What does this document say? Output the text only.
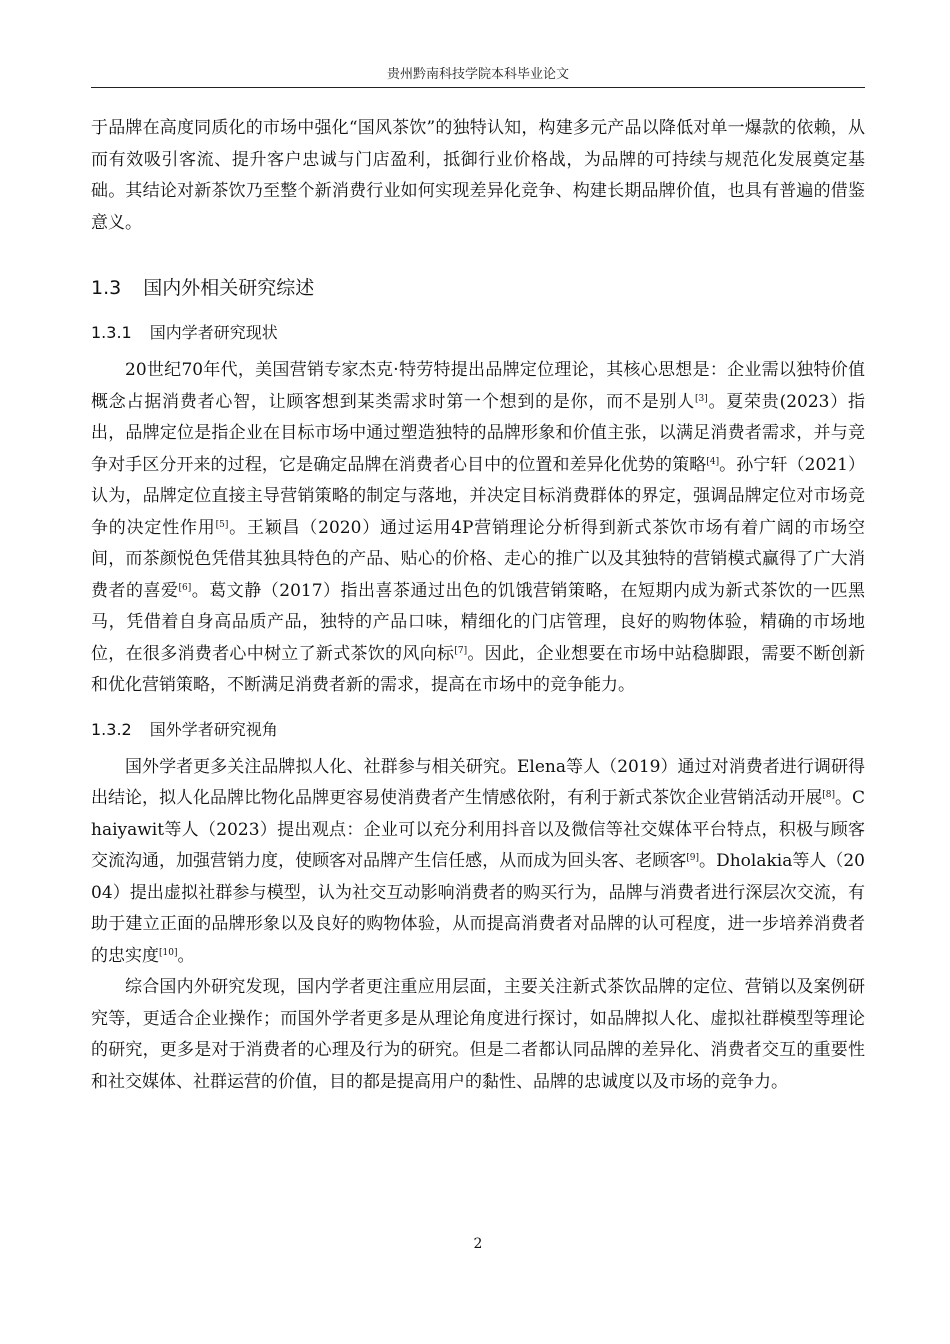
贵州黔南科技学院本科毕业论文

于品牌在高度同质化的市场中强化“国风茶饮”的独特认知，构建多元产品以降低对单一爆款的依赖，从而有效吸引客流、提升客户忠诚与门店盈利，抵御行业价格战，为品牌的可持续与规范化发展奠定基础。其结论对新茶饮乃至整个新消费行业如何实现差异化竞争、构建长期品牌价值，也具有普遍的借鉴意义。

1.3 国内外相关研究综述
1.3.1 国内学者研究现状

20世纪70年代，美国营销专家杰克·特劳特提出品牌定位理论，其核心思想是：企业需以独特价值概念占据消费者心智，让顾客想到某类需求时第一个想到的是你，而不是别人[3]。夏荣贵(2023）指出，品牌定位是指企业在目标市场中通过塑造独特的品牌形象和价值主张，以满足消费者需求，并与竞争对手区分开来的过程，它是确定品牌在消费者心目中的位置和差异化优势的策略[4]。孙宁轩（2021）认为，品牌定位直接主导营销策略的制定与落地，并决定目标消费群体的界定，强调品牌定位对市场竞争的决定性作用[5]。王颖昌（2020）通过运用4P营销理论分析得到新式茶饮市场有着广阔的市场空间，而茶颜悦色凭借其独具特色的产品、贴心的价格、走心的推广以及其独特的营销模式赢得了广大消费者的喜爱[6]。葛文静（2017）指出喜茶通过出色的饥饿营销策略，在短期内成为新式茶饮的一匹黑马，凭借着自身高品质产品，独特的产品口味，精细化的门店管理，良好的购物体验，精确的市场地位，在很多消费者心中树立了新式茶饮的风向标[7]。因此，企业想要在市场中站稳脚跟，需要不断创新和优化营销策略，不断满足消费者新的需求，提高在市场中的竞争能力。

1.3.2 国外学者研究视角

国外学者更多关注品牌拟人化、社群参与相关研究。Elena等人（2019）通过对消费者进行调研得出结论，拟人化品牌比物化品牌更容易使消费者产生情感依附，有利于新式茶饮企业营销活动开展[8]。Chaiyawit等人（2023）提出观点：企业可以充分利用抖音以及微信等社交媒体平台特点，积极与顾客交流沟通，加强营销力度，使顾客对品牌产生信任感，从而成为回头客、老顾客[9]。Dholakia等人（2004）提出虚拟社群参与模型，认为社交互动影响消费者的购买行为，品牌与消费者进行深层次交流，有助于建立正面的品牌形象以及良好的购物体验，从而提高消费者对品牌的认可程度，进一步培养消费者的忠实度[10]。

综合国内外研究发现，国内学者更注重应用层面，主要关注新式茶饮品牌的定位、营销以及案例研究等，更适合企业操作；而国外学者更多是从理论角度进行探讨，如品牌拟人化、虚拟社群模型等理论的研究，更多是对于消费者的心理及行为的研究。但是二者都认同品牌的差异化、消费者交互的重要性和社交媒体、社群运营的价值，目的都是提高用户的黏性、品牌的忠诚度以及市场的竞争力。

2
